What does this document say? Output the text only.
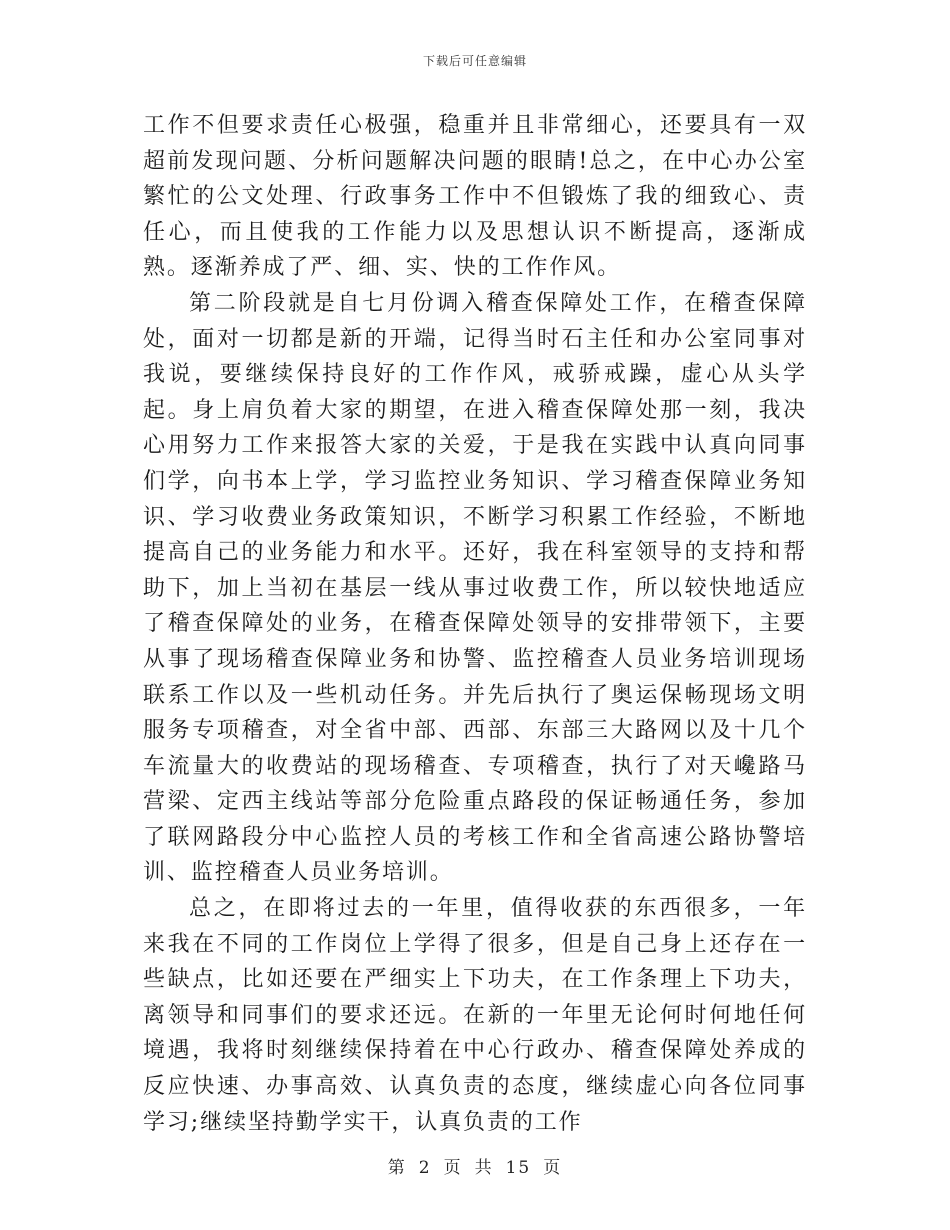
下载后可任意编辑

工作不但要求责任心极强，稳重并且非常细心，还要具有一双超前发现问题、分析问题解决问题的眼睛!总之，在中心办公室繁忙的公文处理、行政事务工作中不但锻炼了我的细致心、责任心，而且使我的工作能力以及思想认识不断提高，逐渐成熟。逐渐养成了严、细、实、快的工作作风。

第二阶段就是自七月份调入稽查保障处工作，在稽查保障处，面对一切都是新的开端，记得当时石主任和办公室同事对我说，要继续保持良好的工作作风，戒骄戒躁，虚心从头学起。身上肩负着大家的期望，在进入稽查保障处那一刻，我决心用努力工作来报答大家的关爱，于是我在实践中认真向同事们学，向书本上学，学习监控业务知识、学习稽查保障业务知识、学习收费业务政策知识，不断学习积累工作经验，不断地提高自己的业务能力和水平。还好，我在科室领导的支持和帮助下，加上当初在基层一线从事过收费工作，所以较快地适应了稽查保障处的业务，在稽查保障处领导的安排带领下，主要从事了现场稽查保障业务和协警、监控稽查人员业务培训现场联系工作以及一些机动任务。并先后执行了奥运保畅现场文明服务专项稽查，对全省中部、西部、东部三大路网以及十几个车流量大的收费站的现场稽查、专项稽查，执行了对天巉路马营梁、定西主线站等部分危险重点路段的保证畅通任务，参加了联网路段分中心监控人员的考核工作和全省高速公路协警培训、监控稽查人员业务培训。

总之，在即将过去的一年里，值得收获的东西很多，一年来我在不同的工作岗位上学得了很多，但是自己身上还存在一些缺点，比如还要在严细实上下功夫，在工作条理上下功夫，离领导和同事们的要求还远。在新的一年里无论何时何地任何境遇，我将时刻继续保持着在中心行政办、稽查保障处养成的反应快速、办事高效、认真负责的态度，继续虚心向各位同事学习;继续坚持勤学实干，认真负责的工作

第 2 页 共 15 页
